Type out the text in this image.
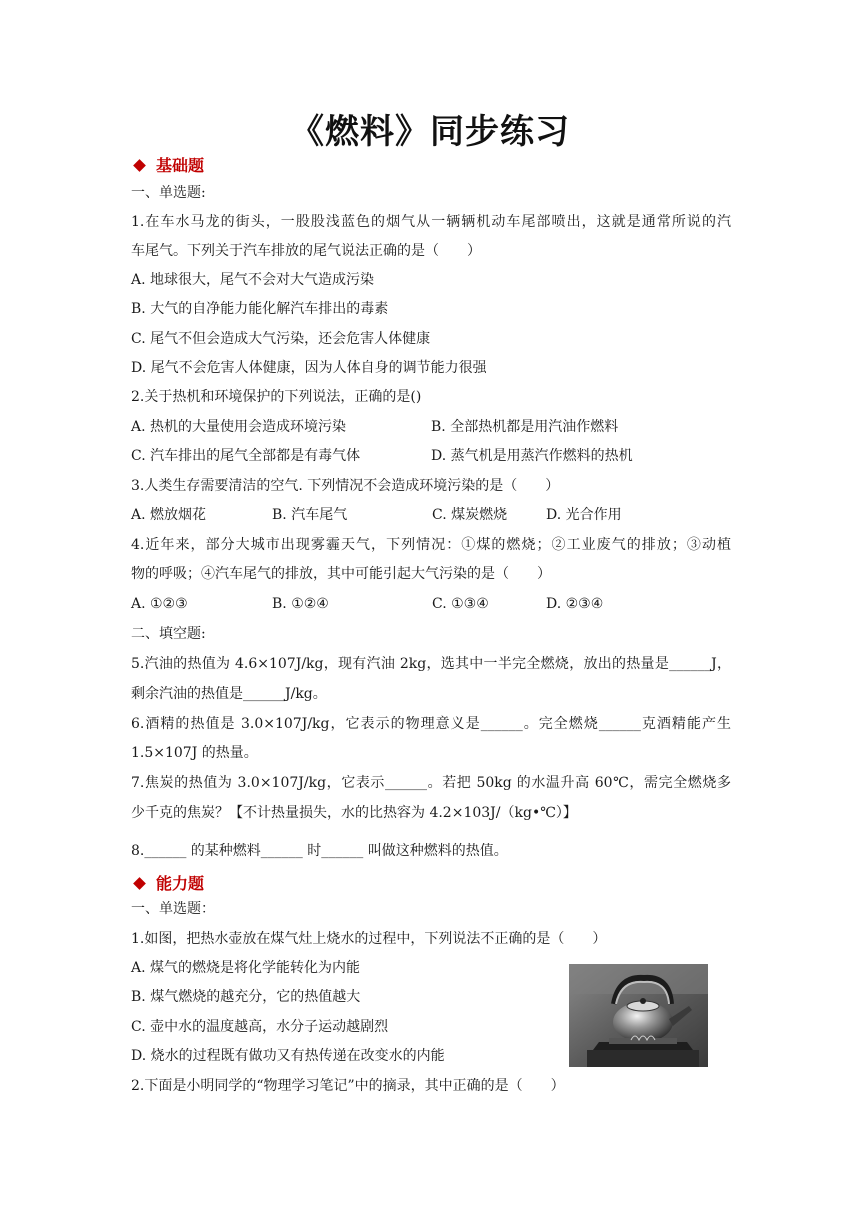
《燃料》同步练习
基础题
一、单选题:
1.在车水马龙的街头，一股股浅蓝色的烟气从一辆辆机动车尾部喷出，这就是通常所说的汽
车尾气。下列关于汽车排放的尾气说法正确的是（　　）
A. 地球很大，尾气不会对大气造成污染
B. 大气的自净能力能化解汽车排出的毒素
C. 尾气不但会造成大气污染，还会危害人体健康
D. 尾气不会危害人体健康，因为人体自身的调节能力很强
2.关于热机和环境保护的下列说法，正确的是()
A. 热机的大量使用会造成环境污染	B. 全部热机都是用汽油作燃料
C. 汽车排出的尾气全部都是有毒气体	D. 蒸气机是用蒸汽作燃料的热机
3.人类生存需要清洁的空气. 下列情况不会造成环境污染的是（　　）
A. 燃放烟花	B. 汽车尾气	C. 煤炭燃烧	D. 光合作用
4.近年来，部分大城市出现雾霾天气，下列情况：①煤的燃烧；②工业废气的排放；③动植
物的呼吸；④汽车尾气的排放，其中可能引起大气污染的是（　　）
A. ①②③	B. ①②④	C. ①③④	D. ②③④
二、填空题:
5.汽油的热值为 4.6×107J/kg，现有汽油 2kg，选其中一半完全燃烧，放出的热量是______J，
剩余汽油的热值是______J/kg。
6.酒精的热值是 3.0×107J/kg，它表示的物理意义是______。完全燃烧______克酒精能产生
1.5×107J 的热量。
7.焦炭的热值为 3.0×107J/kg，它表示______。若把 50kg 的水温升高 60℃，需完全燃烧多
少千克的焦炭？【不计热量损失，水的比热容为 4.2×103J/（kg•℃）】
8.______ 的某种燃料______ 时______ 叫做这种燃料的热值。
能力题
一、单选题：
1.如图，把热水壶放在煤气灶上烧水的过程中，下列说法不正确的是（　　）
A. 煤气的燃烧是将化学能转化为内能
B. 煤气燃烧的越充分，它的热值越大
C. 壶中水的温度越高，水分子运动越剧烈
D. 烧水的过程既有做功又有热传递在改变水的内能
2.下面是小明同学的“物理学习笔记”中的摘录，其中正确的是（　　）
